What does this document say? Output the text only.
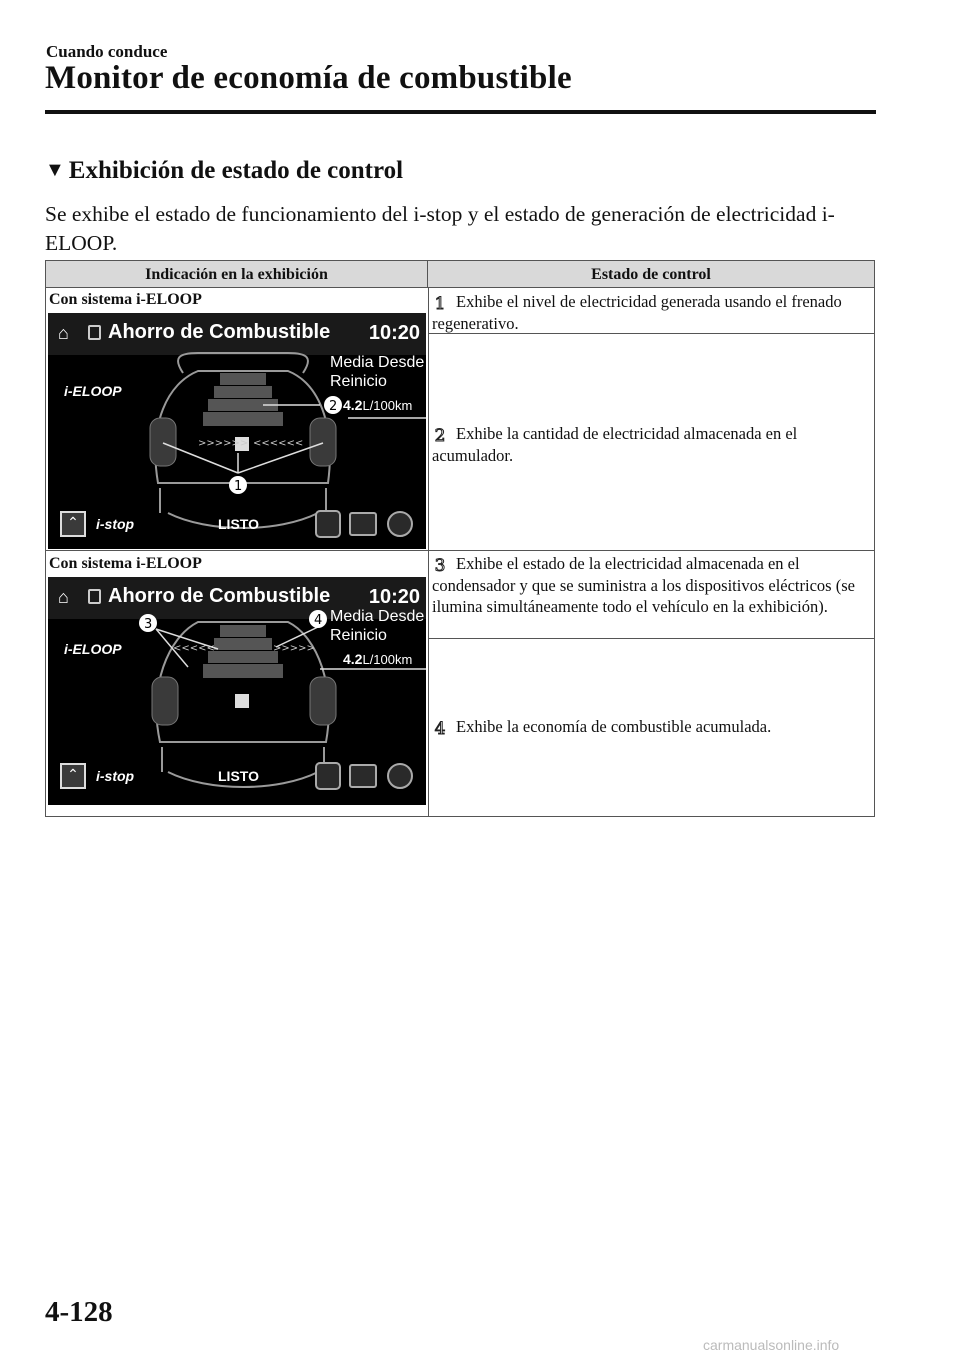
Cuando conduce
Monitor de economía de combustible
▼ Exhibición de estado de control
Se exhibe el estado de funcionamiento del i-stop y el estado de generación de electricidad i-ELOOP.
Indicación en la exhibición	Estado de control
Con sistema i-ELOOP	1 Exhibe el nivel de electricidad generada usando el frenado regenerativo.
2 Exhibe la cantidad de electricidad almacenada en el acumulador.
⌂ Ahorro de Combustible 10:20
>>>>>> <<<<<<
1
2
i-ELOOP
Media Desde
Reinicio
4.2L/100km
⌃	i-stop	LISTO
Con sistema i-ELOOP	3 Exhibe el estado de la electricidad almacenada en el condensador y que se suministra a los dispositivos eléctricos (se ilumina simultáneamente todo el vehículo en la exhibición).
4 Exhibe la economía de combustible acumulada.
⌂ Ahorro de Combustible 10:20
<<<<<	>>>>>
3	4
i-ELOOP
Media Desde
Reinicio
4.2L/100km
⌃	i-stop	LISTO
4-128
carmanualsonline.info
